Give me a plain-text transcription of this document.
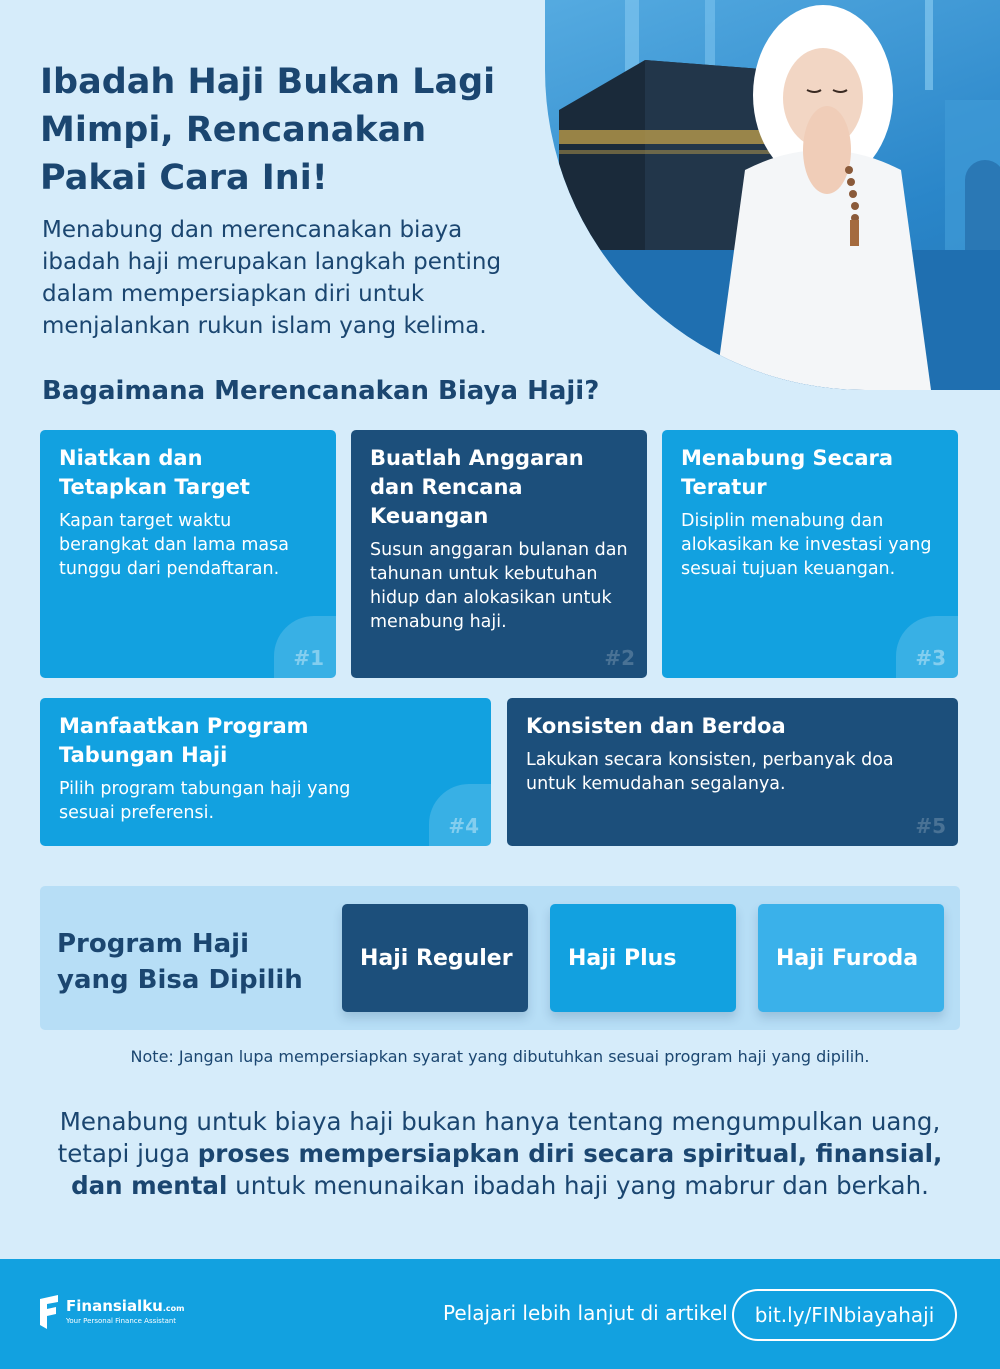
Ibadah Haji Bukan Lagi
Mimpi, Rencanakan
Pakai Cara Ini!
Menabung dan merencanakan biaya
ibadah haji merupakan langkah penting
dalam mempersiapkan diri untuk
menjalankan rukun islam yang kelima.
Bagaimana Merencanakan Biaya Haji?
Niatkan dan Tetapkan Target

Kapan target waktu berangkat dan lama masa tunggu dari pendaftaran.

#1
Buatlah Anggaran dan Rencana Keuangan

Susun anggaran bulanan dan tahunan untuk kebutuhan hidup dan alokasikan untuk menabung haji.

#2
Menabung Secara Teratur

Disiplin menabung dan alokasikan ke investasi yang sesuai tujuan keuangan.

#3
Manfaatkan Program Tabungan Haji

Pilih program tabungan haji yang sesuai preferensi.

#4
Konsisten dan Berdoa

Lakukan secara konsisten, perbanyak doa untuk kemudahan segalanya.

#5
Program Haji
yang Bisa Dipilih
Haji Reguler	Haji Plus	Haji Furoda
Note: Jangan lupa mempersiapkan syarat yang dibutuhkan sesuai program haji yang dipilih.
Menabung untuk biaya haji bukan hanya tentang mengumpulkan uang, tetapi juga proses mempersiapkan diri secara spiritual, finansial, dan mental untuk menunaikan ibadah haji yang mabrur dan berkah.
Finansialku.com
Your Personal Finance Assistant	Pelajari lebih lanjut di artikel	bit.ly/FINbiayahaji
